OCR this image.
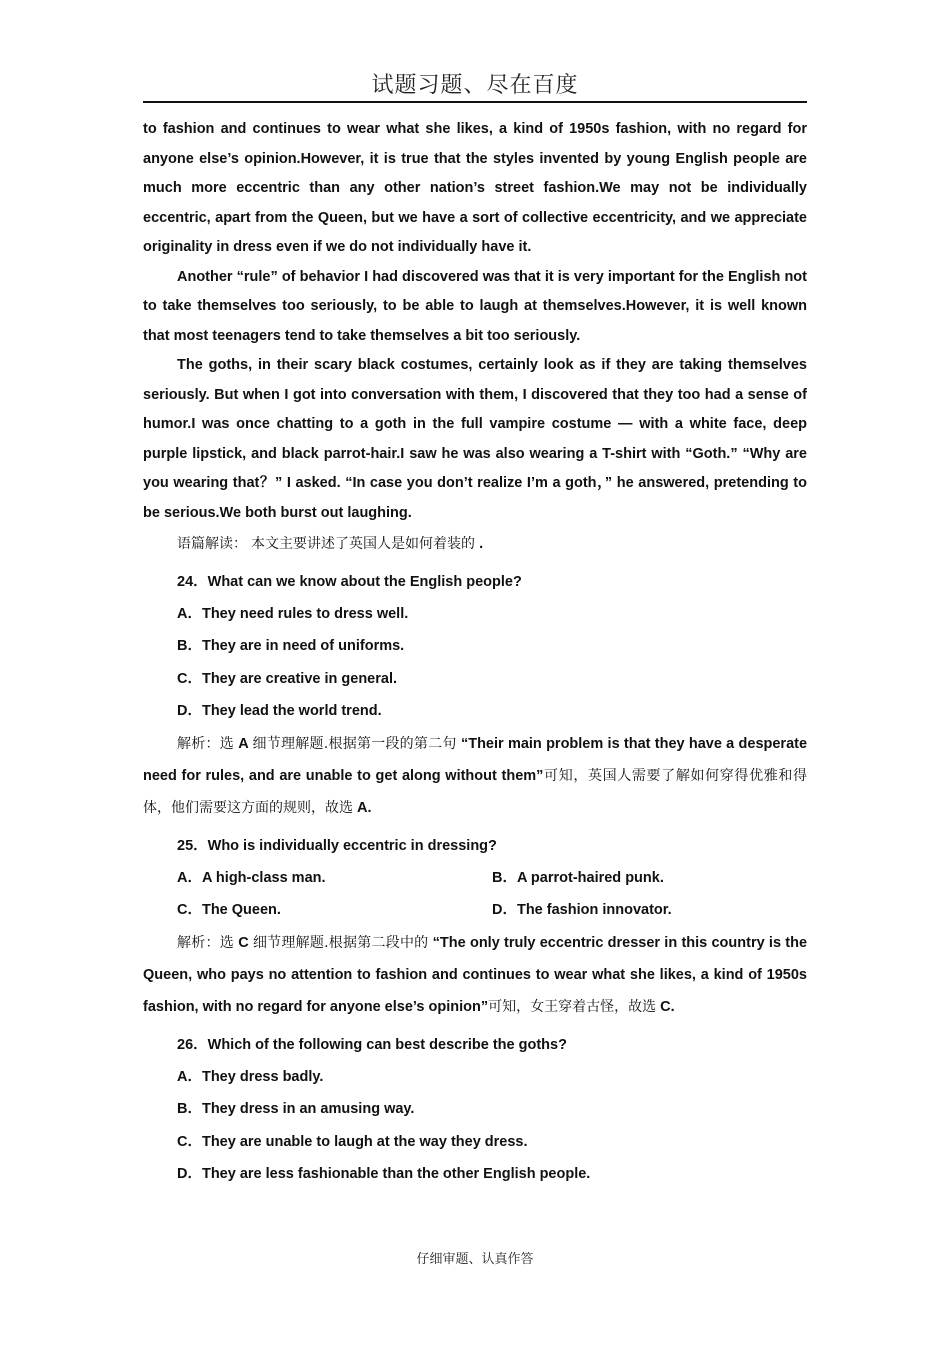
试题习题、尽在百度

to fashion and continues to wear what she likes, a kind of 1950s fashion, with no regard for anyone else’s opinion.However, it is true that the styles invented by young English people are much more eccentric than any other nation’s street fashion.We may not be individually eccentric, apart from the Queen, but we have a sort of collective eccentricity, and we appreciate originality in dress even if we do not individually have it.

Another “rule” of behavior I had discovered was that it is very important for the English not to take themselves too seriously, to be able to laugh at themselves.However, it is well known that most teenagers tend to take themselves a bit too seriously.

The goths, in their scary black costumes, certainly look as if they are taking themselves seriously. But when I got into conversation with them, I discovered that they too had a sense of humor.I was once chatting to a goth in the full vampire costume — with a white face, deep purple lipstick, and black parrot-hair.I saw he was also wearing a T-shirt with “Goth.” “Why are you wearing that？” I asked. “In case you don’t realize I’m a goth，” he answered, pretending to be serious.We both burst out laughing.

语篇解读： 本文主要讲述了英国人是如何着装的 .

24．What can we know about the English people?
A．They need rules to dress well.
B．They are in need of uniforms.
C．They are creative in general.
D．They lead the world trend.

解析：选 A 细节理解题.根据第一段的第二句 “Their main problem is that they have a desperate need for rules, and are unable to get along without them”可知，英国人需要了解如何穿得优雅和得体，他们需要这方面的规则，故选 A.

25．Who is individually eccentric in dressing?
A．A high-class man.	B．A parrot-haired punk.
C．The Queen.	D．The fashion innovator.

解析：选 C 细节理解题.根据第二段中的 “The only truly eccentric dresser in this country is the Queen, who pays no attention to fashion and continues to wear what she likes, a kind of 1950s fashion, with no regard for anyone else’s opinion”可知，女王穿着古怪，故选 C.

26．Which of the following can best describe the goths?
A．They dress badly.
B．They dress in an amusing way.
C．They are unable to laugh at the way they dress.
D．They are less fashionable than the other English people.
仔细审题、认真作答
